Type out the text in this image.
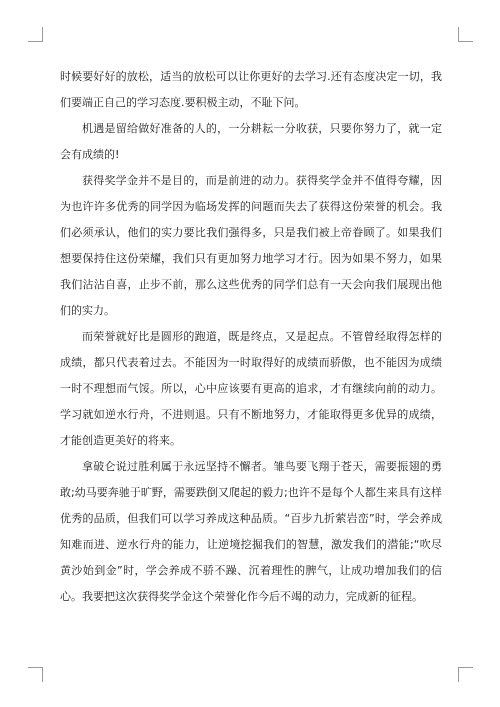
时候要好好的放松，适当的放松可以让你更好的去学习.还有态度决定一切，我们要端正自己的学习态度.要积极主动，不耻下问。

机遇是留给做好准备的人的，一分耕耘一分收获，只要你努力了，就一定会有成绩的!

获得奖学金并不是目的，而是前进的动力。获得奖学金并不值得夸耀，因为也许许多优秀的同学因为临场发挥的问题而失去了获得这份荣誉的机会。我们必须承认，他们的实力要比我们强得多，只是我们被上帝眷顾了。如果我们想要保持住这份荣耀，我们只有更加努力地学习才行。因为如果不努力，如果我们沾沾自喜，止步不前，那么这些优秀的同学们总有一天会向我们展现出他们的实力。

而荣誉就好比是圆形的跑道，既是终点，又是起点。不管曾经取得怎样的成绩，都只代表着过去。不能因为一时取得好的成绩而骄傲，也不能因为成绩一时不理想而气馁。所以，心中应该要有更高的追求，才有继续向前的动力。学习就如逆水行舟，不进则退。只有不断地努力，才能取得更多优异的成绩，才能创造更美好的将来。

拿破仑说过胜利属于永远坚持不懈者。雏鸟要飞翔于苍天，需要振翅的勇敢;幼马要奔驰于旷野，需要跌倒又爬起的毅力;也许不是每个人都生来具有这样优秀的品质，但我们可以学习养成这种品质。“百步九折萦岩峦”时，学会养成知难而进、逆水行舟的能力，让逆境挖掘我们的智慧，激发我们的潜能;“吹尽黄沙始到金”时，学会养成不骄不躁、沉着理性的脾气，让成功增加我们的信心。我要把这次获得奖学金这个荣誉化作今后不竭的动力，完成新的征程。
